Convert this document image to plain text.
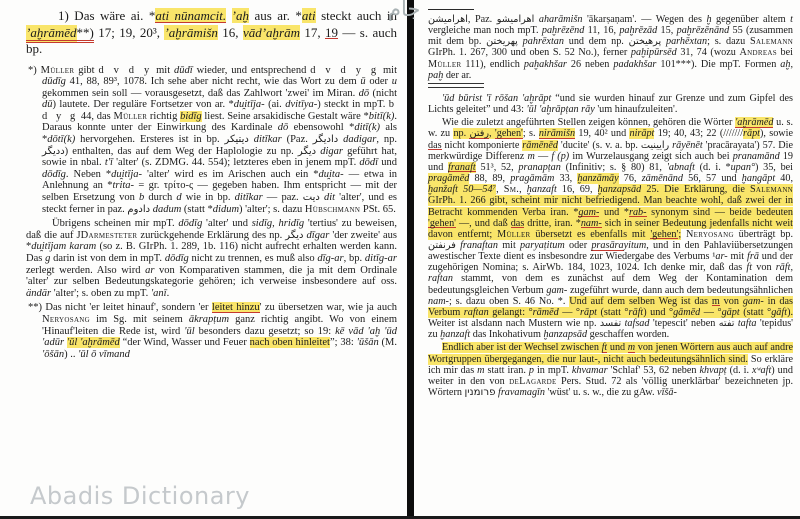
1) Das wäre ai. *ati nūnamcit. ʼaḫ aus ar. *ati steckt auch in ʼaḫrāmēd**) 17; 19, 20³, ʼaḫrāmišn 16, vādʼaḫrām 17, 19 — s. auch bp.

*) Müller gibt d v d y mit dūdī wieder, und entsprechend d v d y g mit dūdīg 41, 88, 89³, 1078. Ich sehe aber nicht recht, wie das Wort zu dem ū oder u gekommen sein soll — vorausgesetzt, daß das Zahlwort 'zwei' im Miran. dō (nicht dū) lautete. Der reguläre Fortsetzer von ar. *du̯itīja- (ai. dvitīya-) steckt in mpT. b d y g 44, das Müller richtig bidīg liest. Seine arsakidische Gestalt wäre *bitī(k). Daraus konnte unter der Einwirkung des Kardinale dō ebensowohl *ditī(k) als *dōtī(k) hervorgehen. Ersteres ist in bp. ديتيكر ditīkar (Paz. داديگر dadigar, np. دديگر) enthalten, das auf dem Weg der Haplologie zu np. ديگر digar geführt hat, sowie in nbal. t'ī 'alter' (s. ZDMG. 44. 554); letzteres eben in jenem mpT. dōdī und dōdīg. Neben *du̯itīja- 'alter' wird es im Arischen auch ein *du̯ita- — etwa in Anlehnung an *trita- = gr. τρίτο-ς — gegeben haben. Ihm entspricht — mit der selben Ersetzung von b durch d wie in bp. ditīkar — paz. ديت dit 'alter', und es steckt ferner in paz. دادوم dadum (statt *didum) 'alter'; s. dazu Hübschmann PSt. 65.

Übrigens scheinen mir mpT. dōdīg 'alter' und sidīg, hridīg 'tertius' zu beweisen, daß die auf JDarmesteter zurückgehende Erklärung des np. ديگر dīgar 'der zweite' aus *du̯itījam karam (so z. B. GIrPh. 1. 289, 1b. 116) nicht aufrecht erhalten werden kann. Das g darin ist von dem in mpT. dōdīg nicht zu trennen, es muß also dīg-ar, bp. ditīg-ar zerlegt werden. Also wird ar von Komparativen stammen, die ja mit dem Ordinale 'alter' zur selben Bedeutungskategorie gehören; ich verweise insbesondere auf oss. ändär 'alter'; s. oben zu mpT. 'anī.

**) Das nicht 'er leitet hinauf', sondern 'er leitet hinzu' zu übersetzen war, wie ja auch Neryosang im Sg. mit seinem ākrapṭum ganz richtig angibt. Wo von einem 'Hinauf'leiten die Rede ist, wird 'ūl besonders dazu gesetzt; so 19: kē vād 'aḫ 'ūd 'adūr 'ūl 'aḫrāmēd “der Wind, Wasser und Feuer nach oben hinleitet”; 38: 'ūšān (M. 'ōšān) .. 'ūl ō vīmand

اهراميشن, Paz. اهراميشو aharāmišn 'ākarṣaṇam'. — Wegen des ḫ gegenüber altem t vergleiche man noch mpT. paḫrēzēnd 11, 16, paḫrēzād 15, paḫrēzēnānd 55 (zusammen mit dem bp. پهريختن pahrēxtan und dem np. پرهيختن parhēxtan; s. dazu Salemann GIrPh. 1. 267, 300 und oben S. 52 No.), ferner paḫipūrsēd 31, 74 (wozu Andreas bei Müller 111), endlich paḫakhšar 26 neben padakhšar 101***). Die mpT. Formen aḫ, paḫ der ar.

'ūd būrist 'ī rōšan 'aḫrāpt “und sie wurden hinauf zur Grenze und zum Gipfel des Lichts geleitet” und 43: 'ūl 'aḫrāpṭan rāy 'um hinaufzuleiten'.

Wie die zuletzt angeführten Stellen zeigen können, gehören die Wörter 'aḫrāmēd u. s. w. zu np. رفتن, 'gehen'; s. nirāmišn 19, 40² und nirāpt 19; 40, 43; 22 (///////rāpt), sowie das nicht komponierte rāmēnēd 'ducite' (s. v. a. bp. رايينيت rāyēnēt 'pracārayata') 57. Die merkwürdige Differenz m — f (p) im Wurzelausgang zeigt sich auch bei pranamānd 19 und franaft 51³, 52, pranapṭan (Infinitiv; s. § 80) 81, 'abnaft (d. i. *upan°) 35, bei pragāmēd 88, 89, pragāmām 33, ḫanzāmāy 76, zāmēnānd 56, 57 und ḫangāpt 40, ḫanžaft 50—54⁷, Sm., ḫanzaft 16, 69, ḫanzapsād 25. Die Erklärung, die Salemann GIrPh. 1. 266 gibt, scheint mir nicht befriedigend. Man beachte wohl, daß zwei der in Betracht kommenden Verba iran. *gam- und *rab- synonym sind — beide bedeuten 'gehen' —, und daß das dritte, iran. *nam- sich in seiner Bedeutung jedenfalls nicht weit davon entfernt; Müller übersetzt es ebenfalls mit 'gehen'; Neryosang überträgt bp. فرنفتن franaftan mit paryaṭitum oder prasārayitum, und in den Pahlaviübersetzungen awestischer Texte dient es insbesondre zur Wiedergabe des Verbums ¹ar- mit frā und der zugehörigen Nomina; s. AirWb. 184, 1023, 1024. Ich denke mir, daß das ft von rāft, raftan stammt, von dem es zunächst auf dem Weg der Kontamination dem bedeutungsgleichen Verbum gam- zugeführt wurde, dann auch dem bedeutungsähnlichen nam-; s. dazu oben S. 46 No. *. Und auf dem selben Weg ist das m von gam- in das Verbum raftan gelangt: °rāmēd — °rāpt (statt °rāft) und °gāmēd — °gāpt (statt °gāft). Weiter ist alsdann nach Mustern wie np. تفسد tafsad 'tepescit' neben تفته tafta 'tepidus' zu ḫanzaft das Inkohativum ḫanzapsād geschaffen worden.

Endlich aber ist der Wechsel zwischen ft und m von jenen Wörtern aus auch auf andre Wortgruppen übergegangen, die nur laut-, nicht auch bedeutungsähnlich sind. So erkläre ich mir das m statt iran. p in mpT. khvamar 'Schlaf' 53, 62 neben khvapṭ (d. i. xʷaft) und weiter in den von deLagarde Pers. Stud. 72 als 'völlig unerklärbar' bezeichneten jp. Wörtern פרומנין fravamagīn 'wüst' u. s. w., die zu gAw. vīšā-

جام
Abadis Dictionary
